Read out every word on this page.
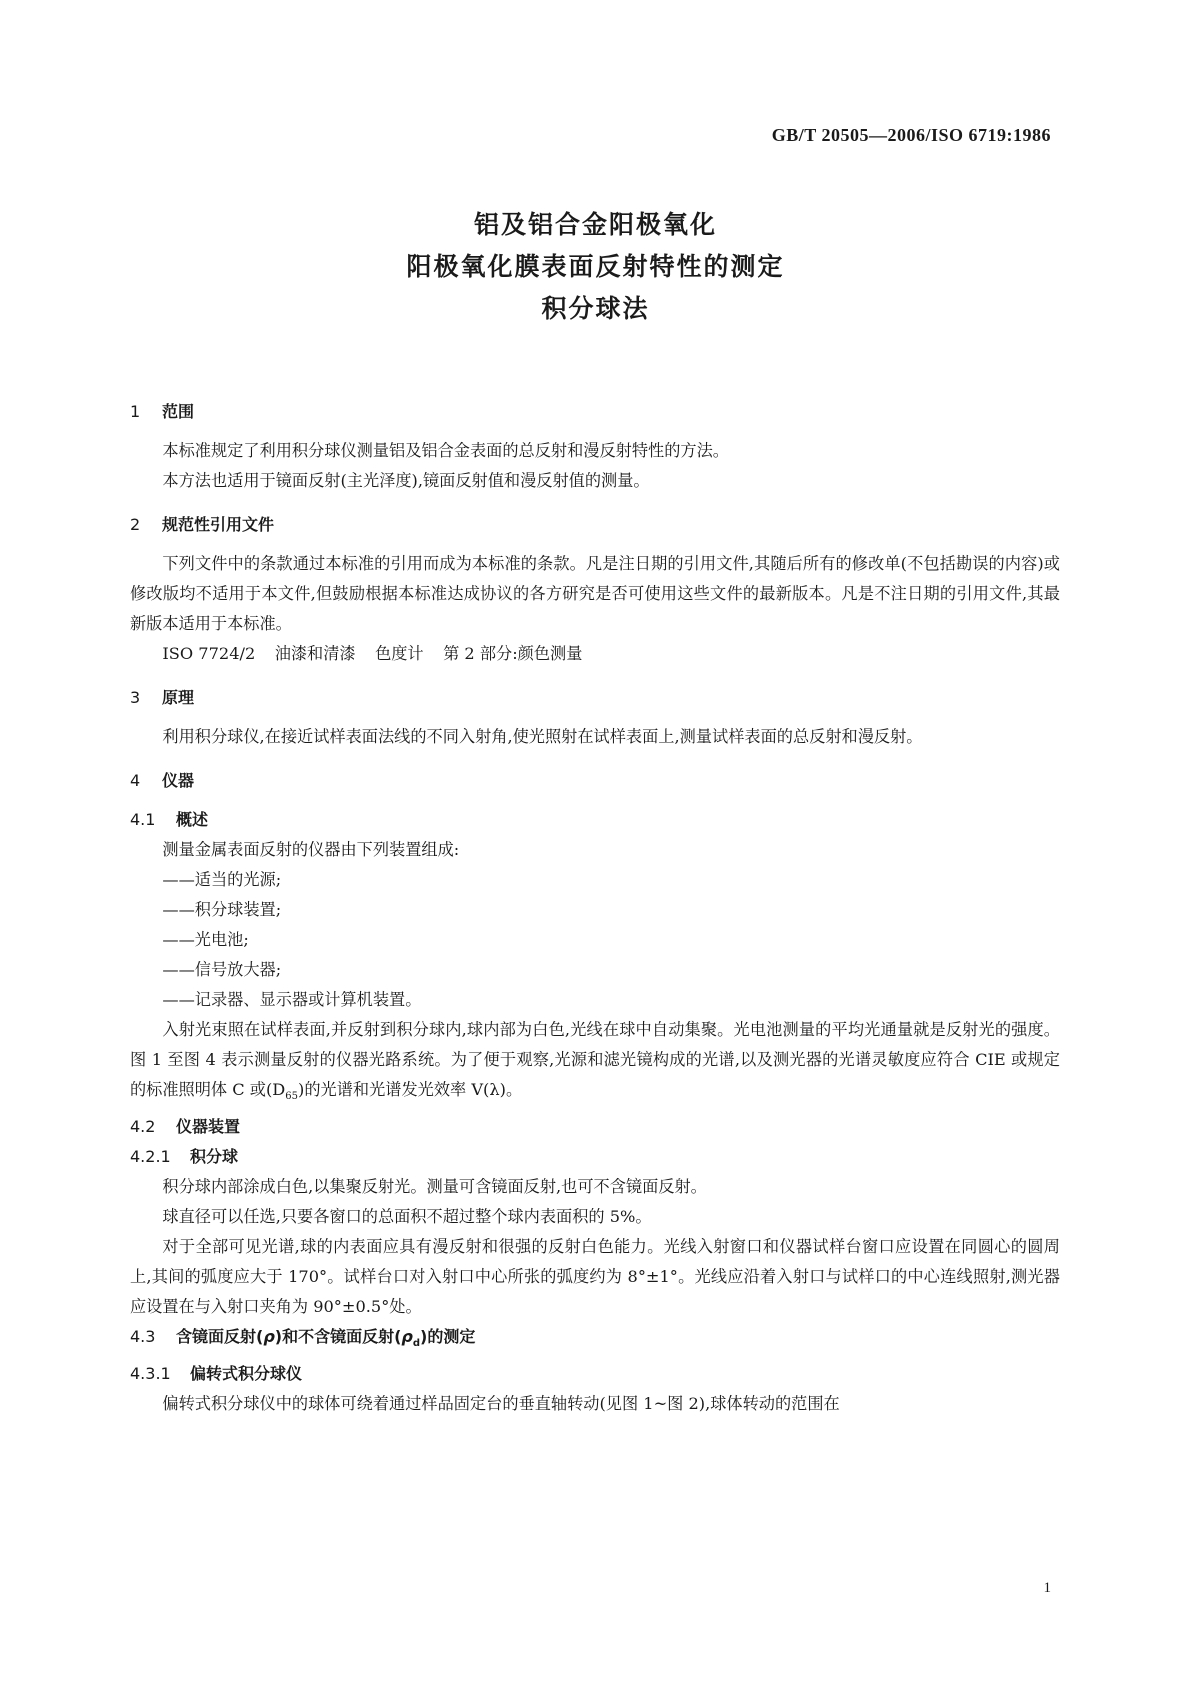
GB/T 20505—2006/ISO 6719:1986
铝及铝合金阳极氧化
阳极氧化膜表面反射特性的测定
积分球法
1 范围
本标准规定了利用积分球仪测量铝及铝合金表面的总反射和漫反射特性的方法。
本方法也适用于镜面反射(主光泽度),镜面反射值和漫反射值的测量。
2 规范性引用文件
下列文件中的条款通过本标准的引用而成为本标准的条款。凡是注日期的引用文件,其随后所有的修改单(不包括勘误的内容)或修改版均不适用于本文件,但鼓励根据本标准达成协议的各方研究是否可使用这些文件的最新版本。凡是不注日期的引用文件,其最新版本适用于本标准。
ISO 7724/2 油漆和清漆 色度计 第 2 部分:颜色测量
3 原理
利用积分球仪,在接近试样表面法线的不同入射角,使光照射在试样表面上,测量试样表面的总反射和漫反射。
4 仪器
4.1 概述
测量金属表面反射的仪器由下列装置组成:
——适当的光源;
——积分球装置;
——光电池;
——信号放大器;
——记录器、显示器或计算机装置。
入射光束照在试样表面,并反射到积分球内,球内部为白色,光线在球中自动集聚。光电池测量的平均光通量就是反射光的强度。图 1 至图 4 表示测量反射的仪器光路系统。为了便于观察,光源和滤光镜构成的光谱,以及测光器的光谱灵敏度应符合 CIE 或规定的标准照明体 C 或$(D_{65})$的光谱和光谱发光效率 V(λ)。
4.2 仪器装置
4.2.1 积分球
积分球内部涂成白色,以集聚反射光。测量可含镜面反射,也可不含镜面反射。
球直径可以任选,只要各窗口的总面积不超过整个球内表面积的 5%。
对于全部可见光谱,球的内表面应具有漫反射和很强的反射白色能力。光线入射窗口和仪器试样台窗口应设置在同圆心的圆周上,其间的弧度应大于 170°。试样台口对入射口中心所张的弧度约为 8°±1°。光线应沿着入射口与试样口的中心连线照射,测光器应设置在与入射口夹角为 90°±0.5°处。
4.3 含镜面反射(ρ)和不含镜面反射$(\rho_d)$的测定
4.3.1 偏转式积分球仪
偏转式积分球仪中的球体可绕着通过样品固定台的垂直轴转动(见图 1~图 2),球体转动的范围在
1
